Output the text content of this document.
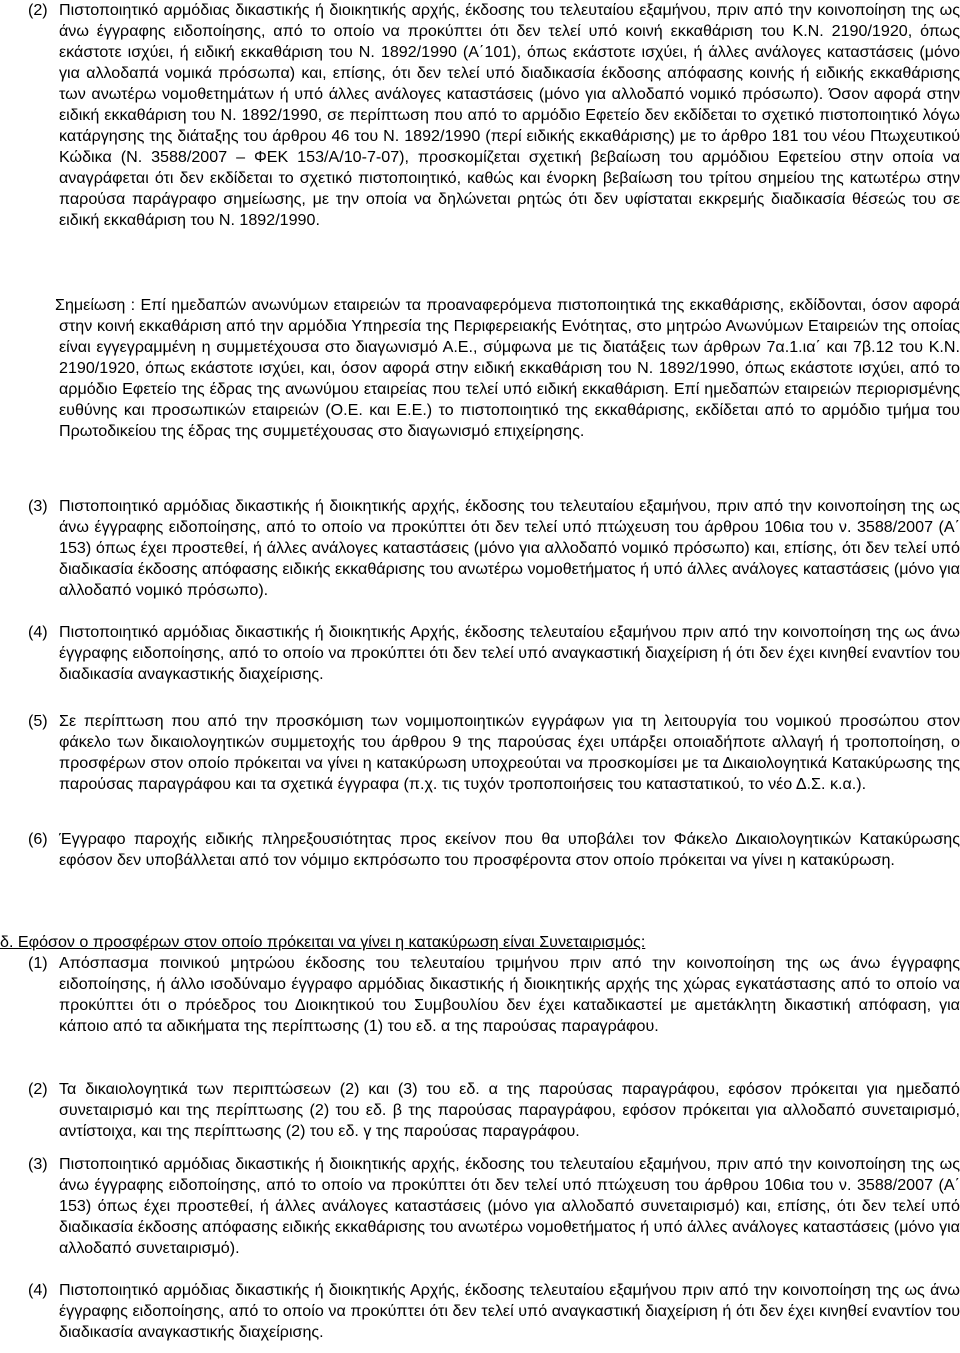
(2) Πιστοποιητικό αρμόδιας δικαστικής ή διοικητικής αρχής, έκδοσης του τελευταίου εξαμήνου, πριν από την κοινοποίηση της ως άνω έγγραφης ειδοποίησης, από το οποίο να προκύπτει ότι δεν τελεί υπό κοινή εκκαθάριση του Κ.Ν. 2190/1920, όπως εκάστοτε ισχύει, ή ειδική εκκαθάριση του Ν. 1892/1990 (Α΄101), όπως εκάστοτε ισχύει, ή άλλες ανάλογες καταστάσεις (μόνο για αλλοδαπά νομικά πρόσωπα) και, επίσης, ότι δεν τελεί υπό διαδικασία έκδοσης απόφασης κοινής ή ειδικής εκκαθάρισης των ανωτέρω νομοθετημάτων ή υπό άλλες ανάλογες καταστάσεις (μόνο για αλλοδαπό νομικό πρόσωπο). Όσον αφορά στην ειδική εκκαθάριση του Ν. 1892/1990, σε περίπτωση που από το αρμόδιο Εφετείο δεν εκδίδεται το σχετικό πιστοποιητικό λόγω κατάργησης της διάταξης του άρθρου 46 του Ν. 1892/1990 (περί ειδικής εκκαθάρισης) με το άρθρο 181 του νέου Πτωχευτικού Κώδικα (Ν. 3588/2007 – ΦΕΚ 153/Α/10-7-07), προσκομίζεται σχετική βεβαίωση του αρμόδιου Εφετείου στην οποία να αναγράφεται ότι δεν εκδίδεται το σχετικό πιστοποιητικό, καθώς και ένορκη βεβαίωση του τρίτου σημείου της κατωτέρω στην παρούσα παράγραφο σημείωσης, με την οποία να δηλώνεται ρητώς ότι δεν υφίσταται εκκρεμής διαδικασία θέσεώς του σε ειδική εκκαθάριση του Ν. 1892/1990.
Σημείωση : Επί ημεδαπών ανωνύμων εταιρειών τα προαναφερόμενα πιστοποιητικά της εκκαθάρισης, εκδίδονται, όσον αφορά στην κοινή εκκαθάριση από την αρμόδια Υπηρεσία της Περιφερειακής Ενότητας, στο μητρώο Ανωνύμων Εταιρειών της οποίας είναι εγγεγραμμένη η συμμετέχουσα στο διαγωνισμό Α.Ε., σύμφωνα με τις διατάξεις των άρθρων 7α.1.ια΄ και 7β.12 του Κ.Ν. 2190/1920, όπως εκάστοτε ισχύει, και, όσον αφορά στην ειδική εκκαθάριση του Ν. 1892/1990, όπως εκάστοτε ισχύει, από το αρμόδιο Εφετείο της έδρας της ανωνύμου εταιρείας που τελεί υπό ειδική εκκαθάριση. Επί ημεδαπών εταιρειών περιορισμένης ευθύνης και προσωπικών εταιρειών (Ο.Ε. και Ε.Ε.) το πιστοποιητικό της εκκαθάρισης, εκδίδεται από το αρμόδιο τμήμα του Πρωτοδικείου της έδρας της συμμετέχουσας στο διαγωνισμό επιχείρησης.
(3) Πιστοποιητικό αρμόδιας δικαστικής ή διοικητικής αρχής, έκδοσης του τελευταίου εξαμήνου, πριν από την κοινοποίηση της ως άνω έγγραφης ειδοποίησης, από το οποίο να προκύπτει ότι δεν τελεί υπό πτώχευση του άρθρου 106ια του ν. 3588/2007 (Α΄ 153) όπως έχει προστεθεί, ή άλλες ανάλογες καταστάσεις (μόνο για αλλοδαπό νομικό πρόσωπο) και, επίσης, ότι δεν τελεί υπό διαδικασία έκδοσης απόφασης ειδικής εκκαθάρισης του ανωτέρω νομοθετήματος ή υπό άλλες ανάλογες καταστάσεις (μόνο για αλλοδαπό νομικό πρόσωπο).
(4) Πιστοποιητικό αρμόδιας δικαστικής ή διοικητικής Αρχής, έκδοσης τελευταίου εξαμήνου πριν από την κοινοποίηση της ως άνω έγγραφης ειδοποίησης, από το οποίο να προκύπτει ότι δεν τελεί υπό αναγκαστική διαχείριση ή ότι δεν έχει κινηθεί εναντίον του διαδικασία αναγκαστικής διαχείρισης.
(5) Σε περίπτωση που από την προσκόμιση των νομιμοποιητικών εγγράφων για τη λειτουργία του νομικού προσώπου στον φάκελο των δικαιολογητικών συμμετοχής του άρθρου 9 της παρούσας έχει υπάρξει οποιαδήποτε αλλαγή ή τροποποίηση, ο προσφέρων στον οποίο πρόκειται να γίνει η κατακύρωση υποχρεούται να προσκομίσει με τα Δικαιολογητικά Κατακύρωσης της παρούσας παραγράφου και τα σχετικά έγγραφα (π.χ. τις τυχόν τροποποιήσεις του καταστατικού, το νέο Δ.Σ. κ.α.).
(6) Έγγραφο παροχής ειδικής πληρεξουσιότητας προς εκείνον που θα υποβάλει τον Φάκελο Δικαιολογητικών Κατακύρωσης εφόσον δεν υποβάλλεται από τον νόμιμο εκπρόσωπο του προσφέροντα στον οποίο πρόκειται να γίνει η κατακύρωση.
δ. Εφόσον ο προσφέρων στον οποίο πρόκειται να γίνει η κατακύρωση είναι Συνεταιρισμός:
(1) Απόσπασμα ποινικού μητρώου έκδοσης του τελευταίου τριμήνου πριν από την κοινοποίηση της ως άνω έγγραφης ειδοποίησης, ή άλλο ισοδύναμο έγγραφο αρμόδιας δικαστικής ή διοικητικής αρχής της χώρας εγκατάστασης από το οποίο να προκύπτει ότι ο πρόεδρος του Διοικητικού του Συμβουλίου δεν έχει καταδικαστεί με αμετάκλητη δικαστική απόφαση, για κάποιο από τα αδικήματα της περίπτωσης (1) του εδ. α της παρούσας παραγράφου.
(2) Τα δικαιολογητικά των περιπτώσεων (2) και (3) του εδ. α της παρούσας παραγράφου, εφόσον πρόκειται για ημεδαπό συνεταιρισμό και της περίπτωσης (2) του εδ. β της παρούσας παραγράφου, εφόσον πρόκειται για αλλοδαπό συνεταιρισμό, αντίστοιχα, και της περίπτωσης (2) του εδ. γ της παρούσας παραγράφου.
(3) Πιστοποιητικό αρμόδιας δικαστικής ή διοικητικής αρχής, έκδοσης του τελευταίου εξαμήνου, πριν από την κοινοποίηση της ως άνω έγγραφης ειδοποίησης, από το οποίο να προκύπτει ότι δεν τελεί υπό πτώχευση του άρθρου 106ια του ν. 3588/2007 (Α΄ 153) όπως έχει προστεθεί, ή άλλες ανάλογες καταστάσεις (μόνο για αλλοδαπό συνεταιρισμό) και, επίσης, ότι δεν τελεί υπό διαδικασία έκδοσης απόφασης ειδικής εκκαθάρισης του ανωτέρω νομοθετήματος ή υπό άλλες ανάλογες καταστάσεις (μόνο για αλλοδαπό συνεταιρισμό).
(4) Πιστοποιητικό αρμόδιας δικαστικής ή διοικητικής Αρχής, έκδοσης τελευταίου εξαμήνου πριν από την κοινοποίηση της ως άνω έγγραφης ειδοποίησης, από το οποίο να προκύπτει ότι δεν τελεί υπό αναγκαστική διαχείριση ή ότι δεν έχει κινηθεί εναντίον του διαδικασία αναγκαστικής διαχείρισης.
